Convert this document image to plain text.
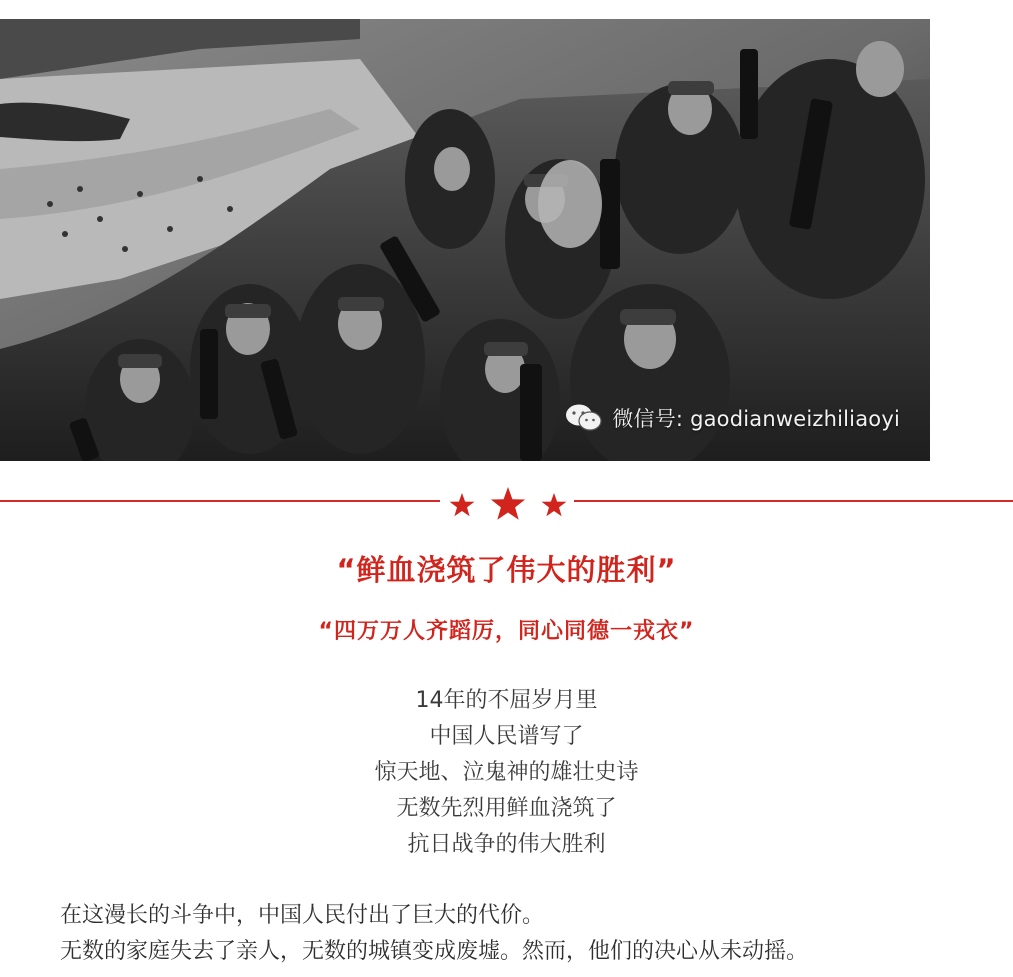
微信号: gaodianweizhiliaoyi
“鲜血浇筑了伟大的胜利”
“四万万人齐蹈厉，同心同德一戎衣”
14年的不屈岁月里
中国人民谱写了
惊天地、泣鬼神的雄壮史诗
无数先烈用鲜血浇筑了
抗日战争的伟大胜利
在这漫长的斗争中，中国人民付出了巨大的代价。
无数的家庭失去了亲人，无数的城镇变成废墟。然而，他们的决心从未动摇。
